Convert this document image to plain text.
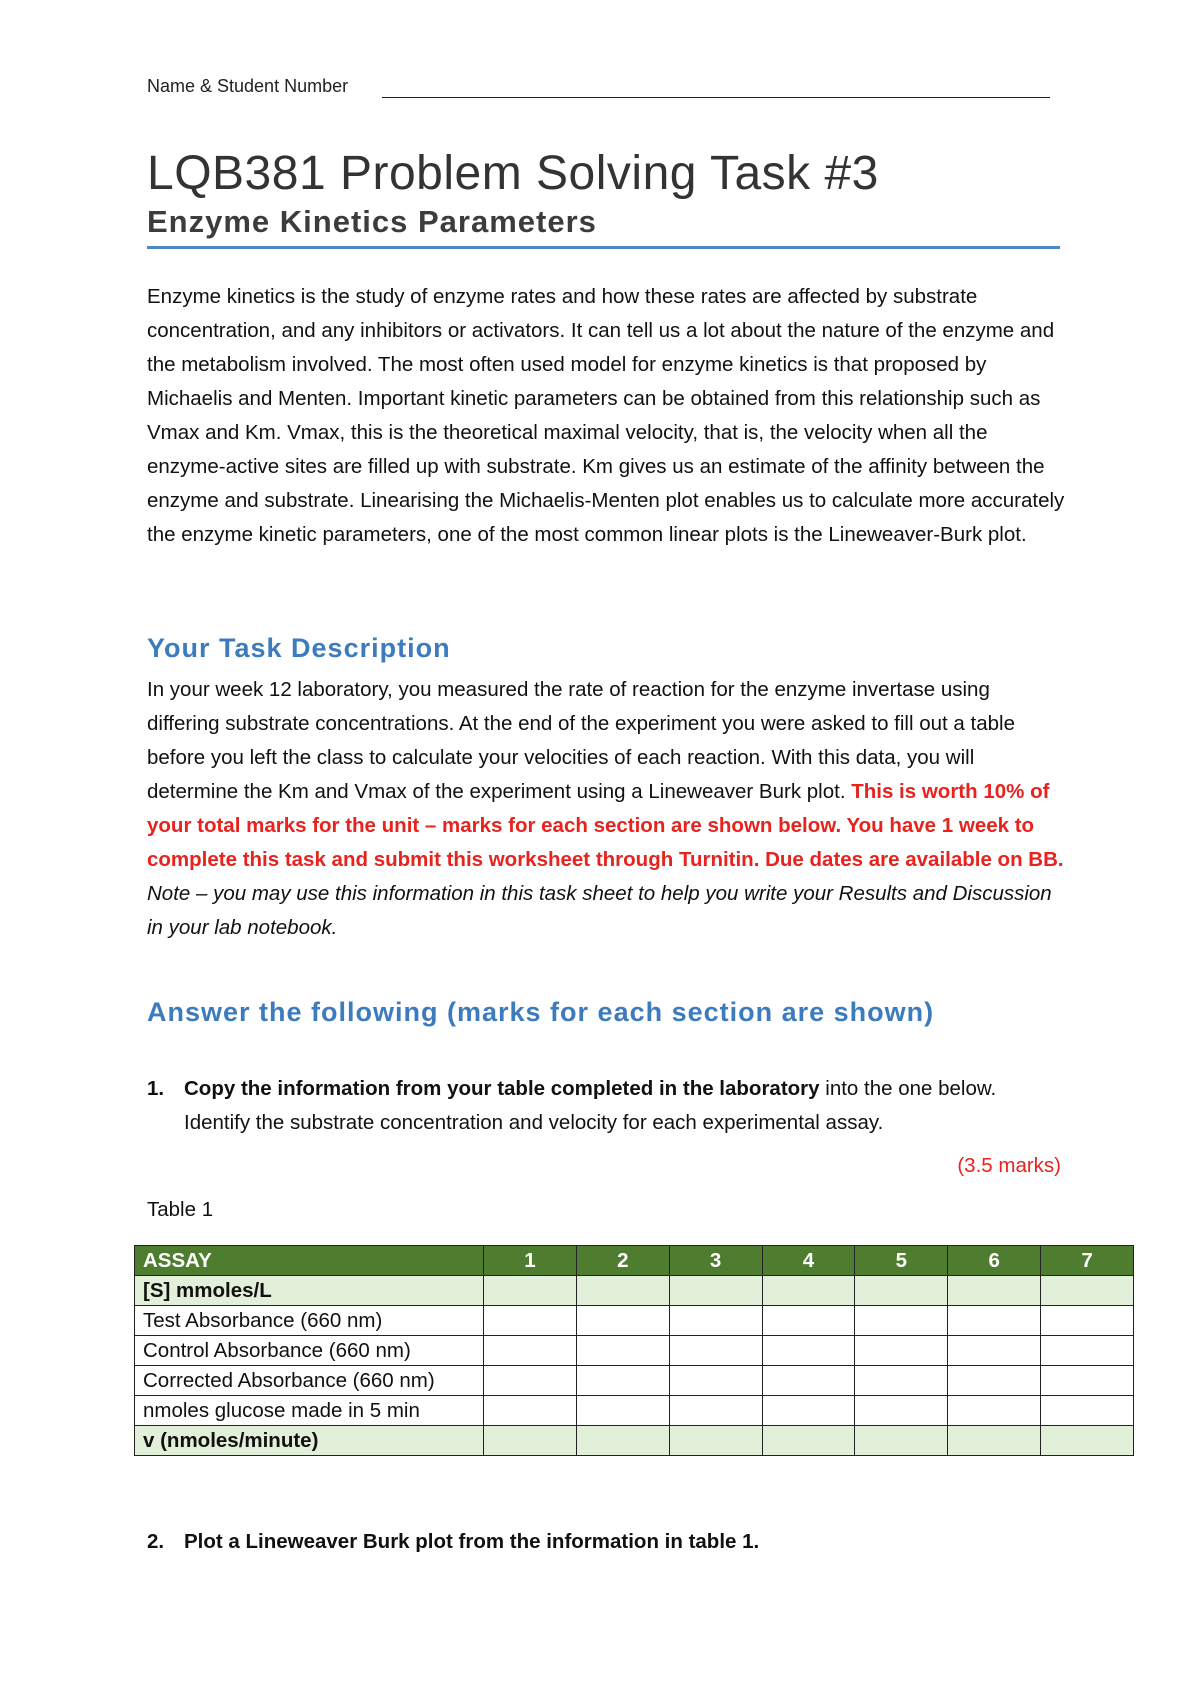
Name & Student Number
LQB381 Problem Solving Task #3
Enzyme Kinetics Parameters
Enzyme kinetics is the study of enzyme rates and how these rates are affected by substrate concentration, and any inhibitors or activators. It can tell us a lot about the nature of the enzyme and the metabolism involved. The most often used model for enzyme kinetics is that proposed by Michaelis and Menten. Important kinetic parameters can be obtained from this relationship such as Vmax and Km. Vmax, this is the theoretical maximal velocity, that is, the velocity when all the enzyme-active sites are filled up with substrate. Km gives us an estimate of the affinity between the enzyme and substrate. Linearising the Michaelis-Menten plot enables us to calculate more accurately the enzyme kinetic parameters, one of the most common linear plots is the Lineweaver-Burk plot.
Your Task Description
In your week 12 laboratory, you measured the rate of reaction for the enzyme invertase using differing substrate concentrations. At the end of the experiment you were asked to fill out a table before you left the class to calculate your velocities of each reaction. With this data, you will determine the Km and Vmax of the experiment using a Lineweaver Burk plot. This is worth 10% of your total marks for the unit – marks for each section are shown below. You have 1 week to complete this task and submit this worksheet through Turnitin. Due dates are available on BB. Note – you may use this information in this task sheet to help you write your Results and Discussion in your lab notebook.
Answer the following (marks for each section are shown)
1. Copy the information from your table completed in the laboratory into the one below. Identify the substrate concentration and velocity for each experimental assay.
(3.5 marks)
Table 1
ASSAY	1	2	3	4	5	6	7
[S] mmoles/L							
Test Absorbance (660 nm)							
Control Absorbance (660 nm)							
Corrected Absorbance (660 nm)							
nmoles glucose made in 5 min							
v (nmoles/minute)							
2. Plot a Lineweaver Burk plot from the information in table 1.
